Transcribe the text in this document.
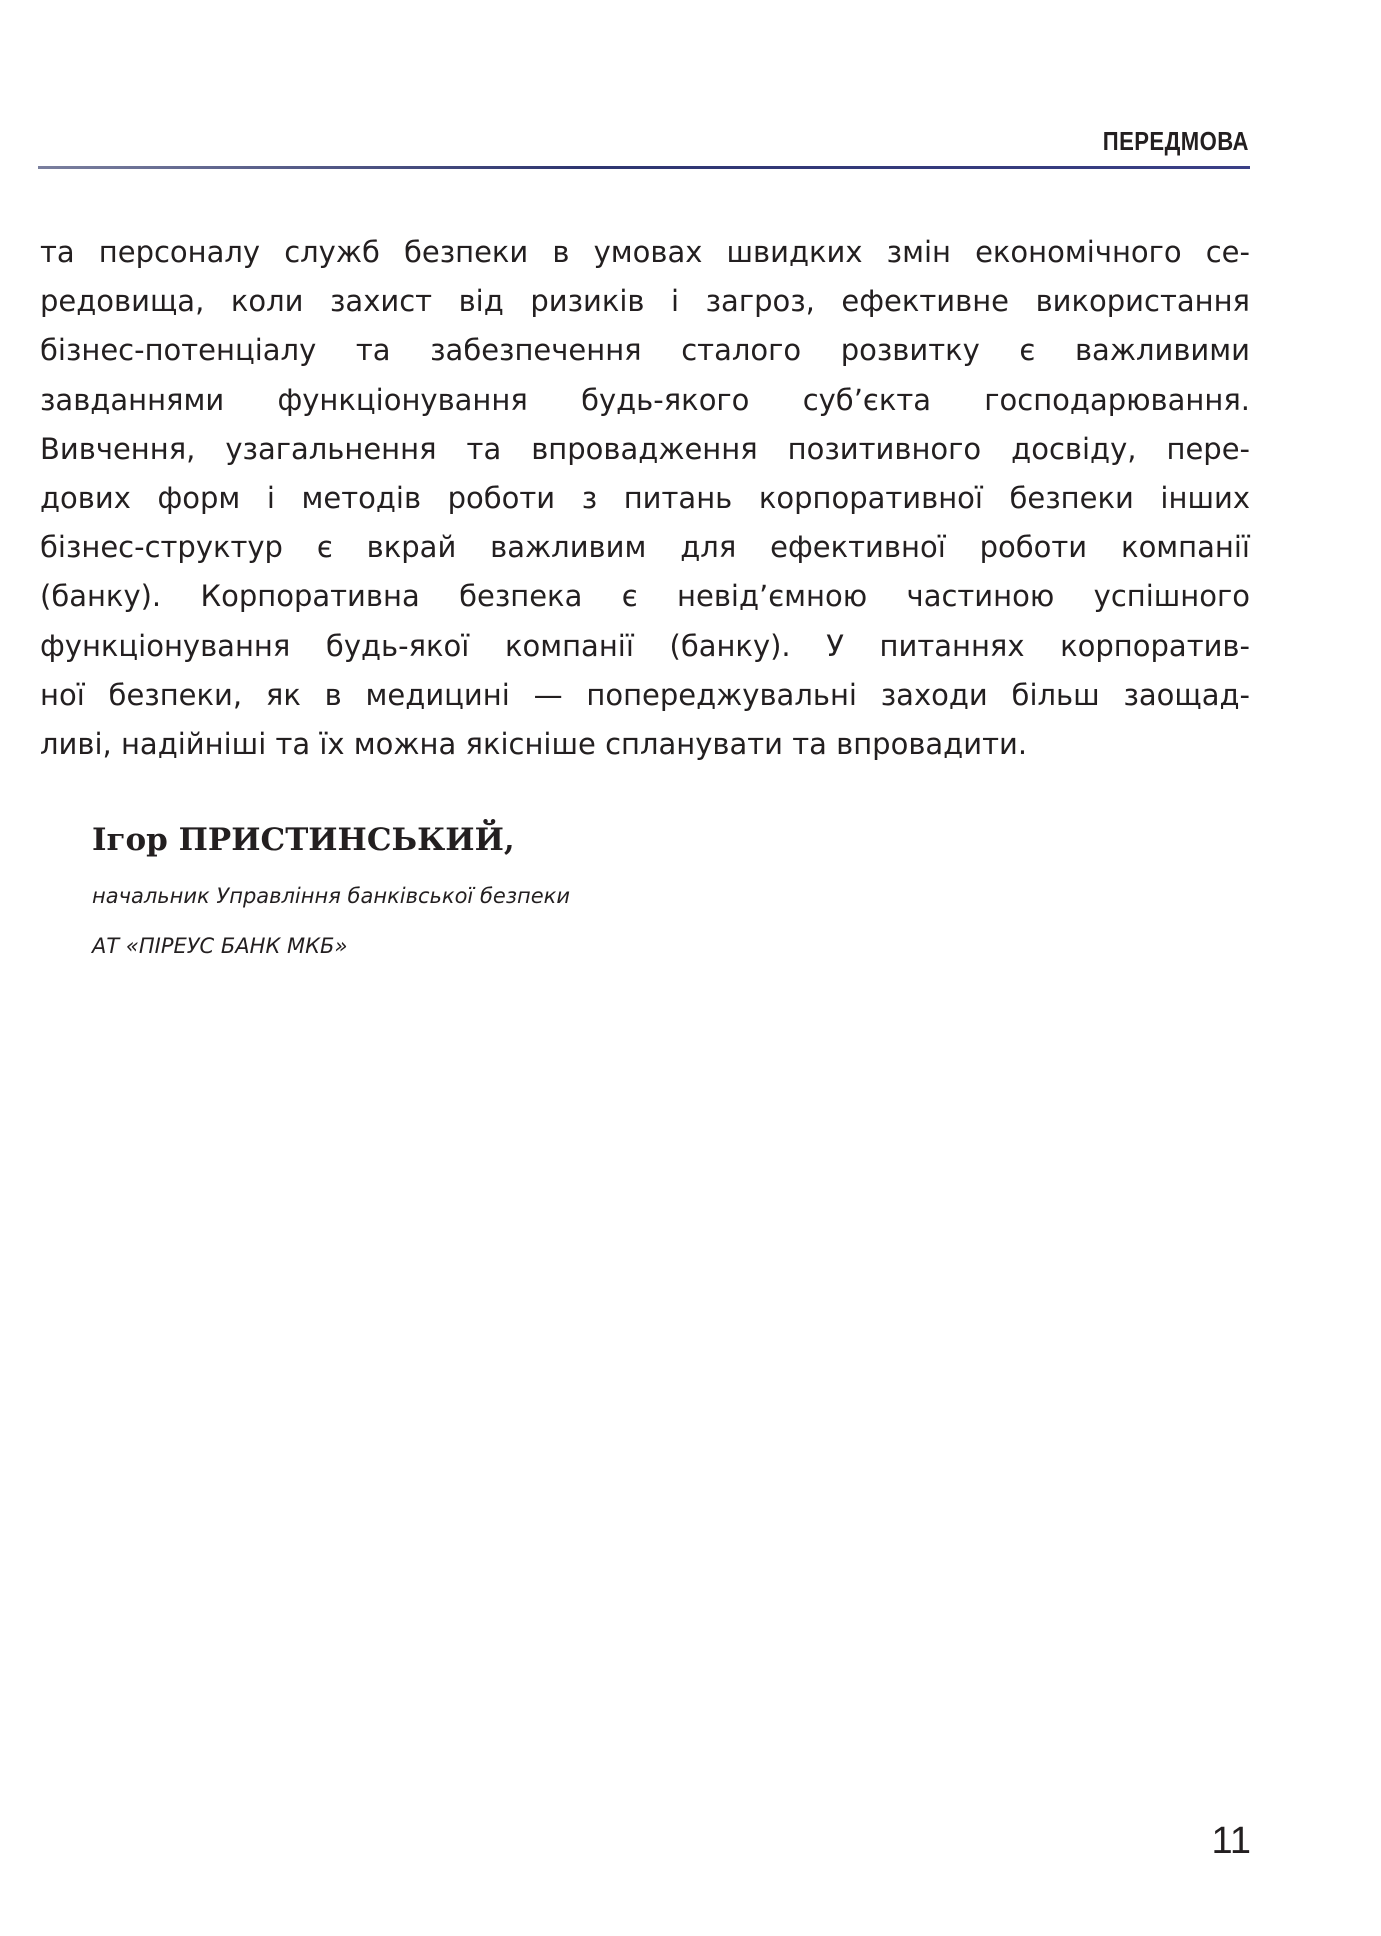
ПЕРЕДМОВА
та персоналу служб безпеки в умовах швидких змін економічного се-
редовища, коли захист від ризиків і загроз, ефективне використання
бізнес-потенціалу та забезпечення сталого розвитку є важливими
завданнями функціонування будь-якого суб’єкта господарювання.
Вивчення, узагальнення та впровадження позитивного досвіду, пере-
дових форм і методів роботи з питань корпоративної безпеки інших
бізнес-структур є вкрай важливим для ефективної роботи компанії
(банку). Корпоративна безпека є невід’ємною частиною успішного
функціонування будь-якої компанії (банку). У питаннях корпоратив-
ної безпеки, як в медицині — попереджувальні заходи більш заощад-
ливі, надійніші та їх можна якісніше спланувати та впровадити.
Ігор ПРИСТИНСЬКИЙ,
начальник Управління банківської безпеки
АТ «ПІРЕУС БАНК МКБ»
11
